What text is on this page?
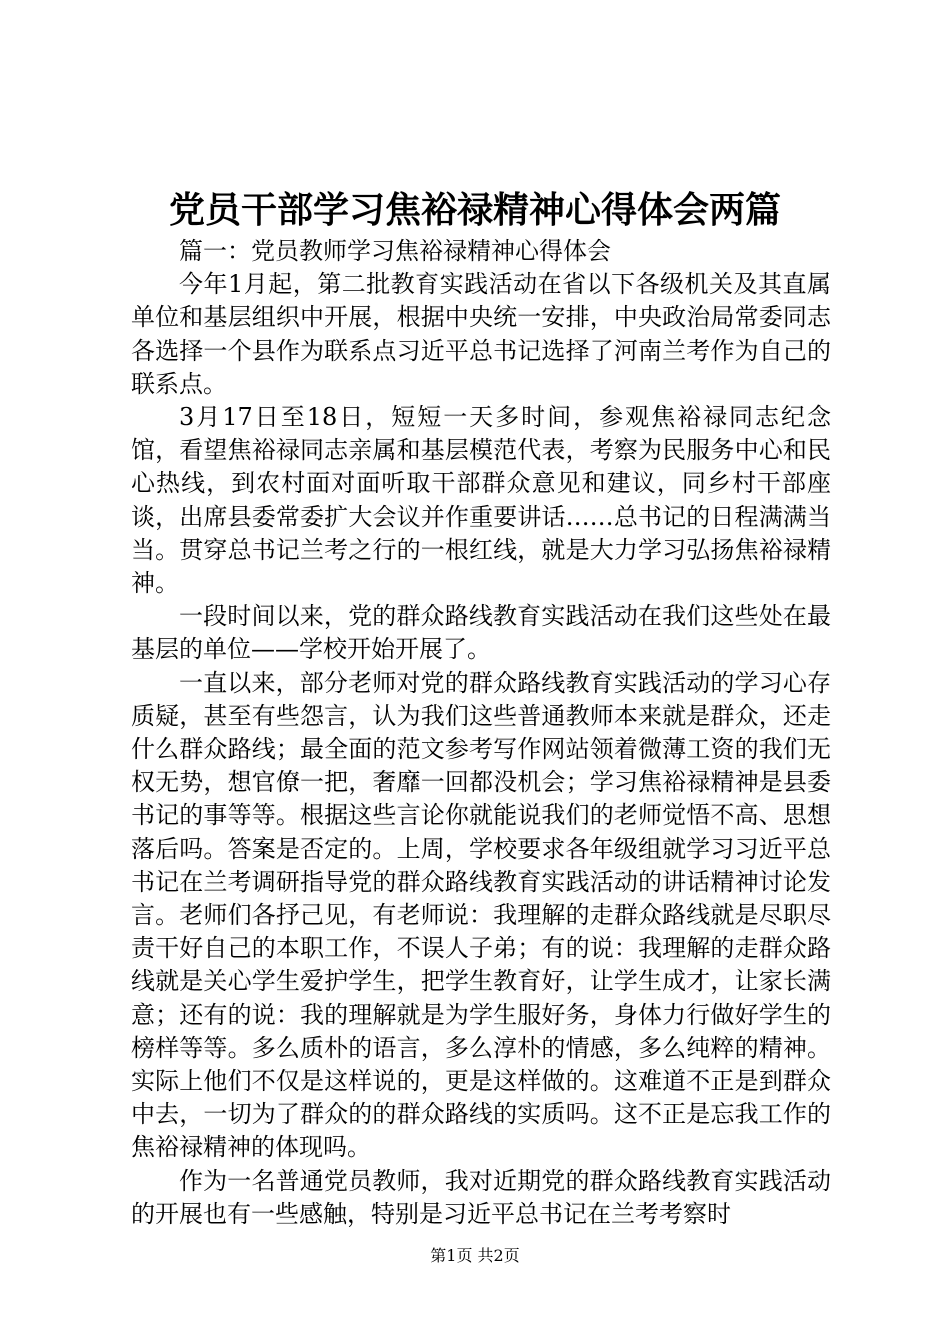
党员干部学习焦裕禄精神心得体会两篇

篇一：党员教师学习焦裕禄精神心得体会

今年1月起，第二批教育实践活动在省以下各级机关及其直属单位和基层组织中开展，根据中央统一安排，中央政治局常委同志各选择一个县作为联系点习近平总书记选择了河南兰考作为自己的联系点。

3月17日至18日，短短一天多时间，参观焦裕禄同志纪念馆，看望焦裕禄同志亲属和基层模范代表，考察为民服务中心和民心热线，到农村面对面听取干部群众意见和建议，同乡村干部座谈，出席县委常委扩大会议并作重要讲话……总书记的日程满满当当。贯穿总书记兰考之行的一根红线，就是大力学习弘扬焦裕禄精神。

一段时间以来，党的群众路线教育实践活动在我们这些处在最基层的单位——学校开始开展了。

一直以来，部分老师对党的群众路线教育实践活动的学习心存质疑，甚至有些怨言，认为我们这些普通教师本来就是群众，还走什么群众路线；最全面的范文参考写作网站领着微薄工资的我们无权无势，想官僚一把，奢靡一回都没机会；学习焦裕禄精神是县委书记的事等等。根据这些言论你就能说我们的老师觉悟不高、思想落后吗。答案是否定的。上周，学校要求各年级组就学习习近平总书记在兰考调研指导党的群众路线教育实践活动的讲话精神讨论发言。老师们各抒己见，有老师说：我理解的走群众路线就是尽职尽责干好自己的本职工作，不误人子弟；有的说：我理解的走群众路线就是关心学生爱护学生，把学生教育好，让学生成才，让家长满意；还有的说：我的理解就是为学生服好务，身体力行做好学生的榜样等等。多么质朴的语言，多么淳朴的情感，多么纯粹的精神。实际上他们不仅是这样说的，更是这样做的。这难道不正是到群众中去，一切为了群众的的群众路线的实质吗。这不正是忘我工作的焦裕禄精神的体现吗。

作为一名普通党员教师，我对近期党的群众路线教育实践活动的开展也有一些感触，特别是习近平总书记在兰考考察时

第1页 共2页
